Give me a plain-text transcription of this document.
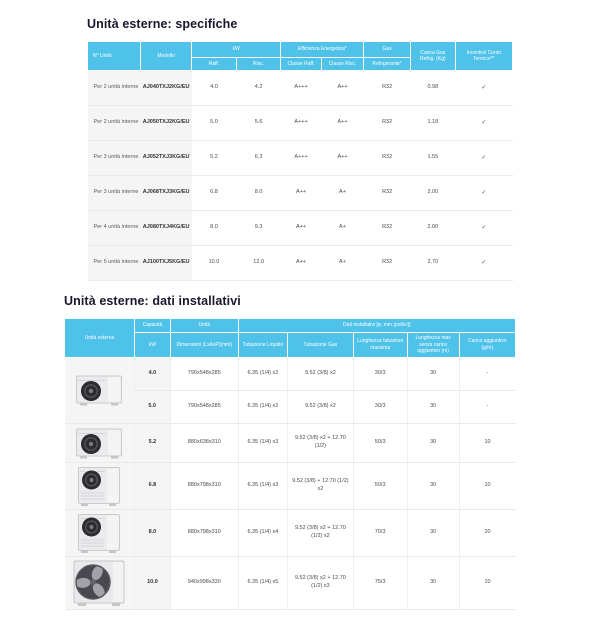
Unità esterne: specifiche
N° Unità	Modello	kW		Efficienza Energetica*		Gas	Carica Gas Refrig. (Kg)	Incentivi/ Conto Termico**
		Raff.	Risc.	Classe Raff.	Classe Risc.	Refrigerante*		
Per 2 unità interne	AJ040TXJ2KG/EU	4.0	4.2	A+++	A++	R32	0.98	✓
Per 2 unità interne	AJ050TXJ2KG/EU	5.0	5.6	A+++	A++	R32	1.18	✓
Per 3 unità interne	AJ052TXJ3KG/EU	5.2	6.3	A+++	A++	R32	1.55	✓
Per 3 unità interne	AJ068TXJ3KG/EU	6.8	8.0	A++	A+	R32	2.00	✓
Per 4 unità interne	AJ080TXJ4KG/EU	8.0	9.3	A++	A+	R32	2.00	✓
Per 5 unità interne	AJ100TXJ5KG/EU	10.0	12.0	A++	A+	R32	2.70	✓
Unità esterne: dati installativi
Unità esterna	Capacità	Unità	Dati installativi [ø, mm (pollici)]				
	kW	Dimensioni (LxAxP)(mm)	Tubazione Liquido	Tubazione Gas	Lunghezza tubazioni massima	Lunghezza max senza carico aggiuntivo (m)	Carico aggiuntivo (g/m)

	4.0	790x548x285	6.35 (1/4) x2	9.52 (3/8) x2	30/3	30	-
	5.0	790x548x285	6.35 (1/4) x2	9.52 (3/8) x2	30/3	30	-

	5.2	880x638x310	6.35 (1/4) x3	9.52 (3/8) x2 + 12.70 (1/2)	50/3	30	10

	6.8	880x798x310	6.35 (1/4) x3	9.52 (3/8) + 12.70 (1/2) x2	50/3	30	10

	8.0	880x798x310	6.35 (1/4) x4	9.52 (3/8) x2 + 12.70 (1/2) x2	70/3	30	20

	10.0	940x998x330	6.35 (1/4) x5	9.52 (3/8) x2 + 12.70 (1/2) x3	75/3	30	10
